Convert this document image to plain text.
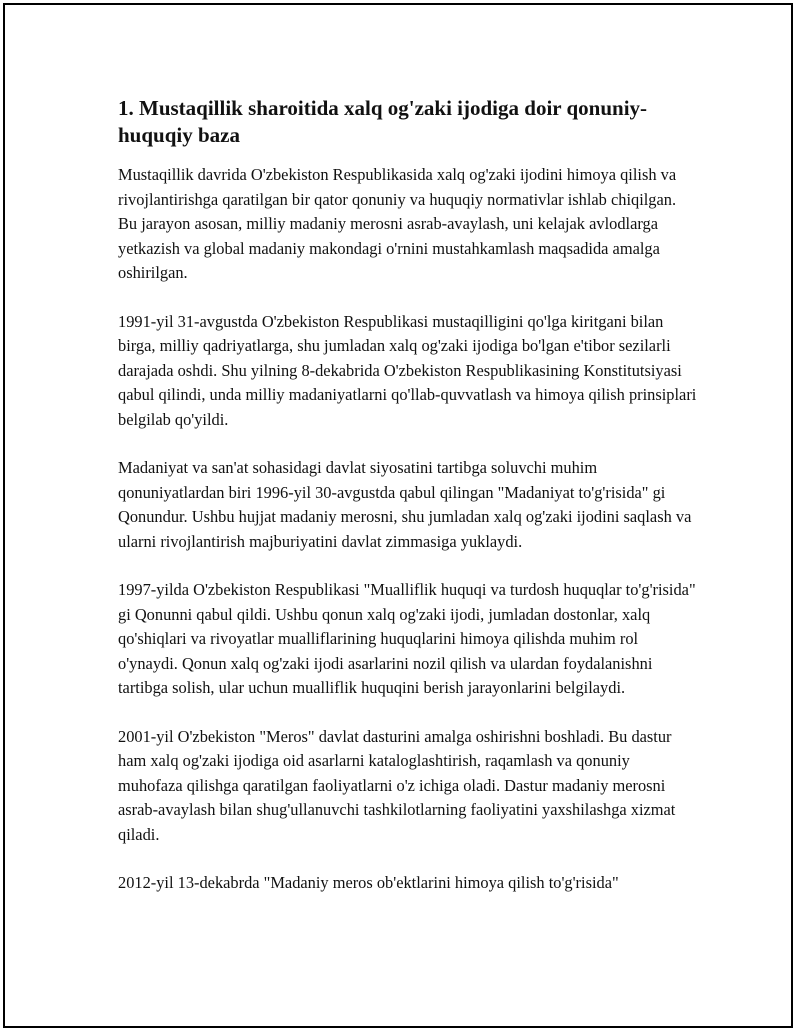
1. Mustaqillik sharoitida xalq og'zaki ijodiga doir qonuniy-huquqiy baza

Mustaqillik davrida O'zbekiston Respublikasida xalq og'zaki ijodini himoya qilish va rivojlantirishga qaratilgan bir qator qonuniy va huquqiy normativlar ishlab chiqilgan. Bu jarayon asosan, milliy madaniy merosni asrab-avaylash, uni kelajak avlodlarga yetkazish va global madaniy makondagi o'rnini mustahkamlash maqsadida amalga oshirilgan.

1991-yil 31-avgustda O'zbekiston Respublikasi mustaqilligini qo'lga kiritgani bilan birga, milliy qadriyatlarga, shu jumladan xalq og'zaki ijodiga bo'lgan e'tibor sezilarli darajada oshdi. Shu yilning 8-dekabrida O'zbekiston Respublikasining Konstitutsiyasi qabul qilindi, unda milliy madaniyatlarni qo'llab-quvvatlash va himoya qilish prinsiplari belgilab qo'yildi.

Madaniyat va san'at sohasidagi davlat siyosatini tartibga soluvchi muhim qonuniyatlardan biri 1996-yil 30-avgustda qabul qilingan "Madaniyat to'g'risida" gi Qonundur. Ushbu hujjat madaniy merosni, shu jumladan xalq og'zaki ijodini saqlash va ularni rivojlantirish majburiyatini davlat zimmasiga yuklaydi.

1997-yilda O'zbekiston Respublikasi "Mualliflik huquqi va turdosh huquqlar to'g'risida" gi Qonunni qabul qildi. Ushbu qonun xalq og'zaki ijodi, jumladan dostonlar, xalq qo'shiqlari va rivoyatlar mualliflarining huquqlarini himoya qilishda muhim rol o'ynaydi. Qonun xalq og'zaki ijodi asarlarini nozil qilish va ulardan foydalanishni tartibga solish, ular uchun mualliflik huquqini berish jarayonlarini belgilaydi.

2001-yil O'zbekiston "Meros" davlat dasturini amalga oshirishni boshladi. Bu dastur ham xalq og'zaki ijodiga oid asarlarni kataloglashtirish, raqamlash va qonuniy muhofaza qilishga qaratilgan faoliyatlarni o'z ichiga oladi. Dastur madaniy merosni asrab-avaylash bilan shug'ullanuvchi tashkilotlarning faoliyatini yaxshilashga xizmat qiladi.

2012-yil 13-dekabrda "Madaniy meros ob'ektlarini himoya qilish to'g'risida"
